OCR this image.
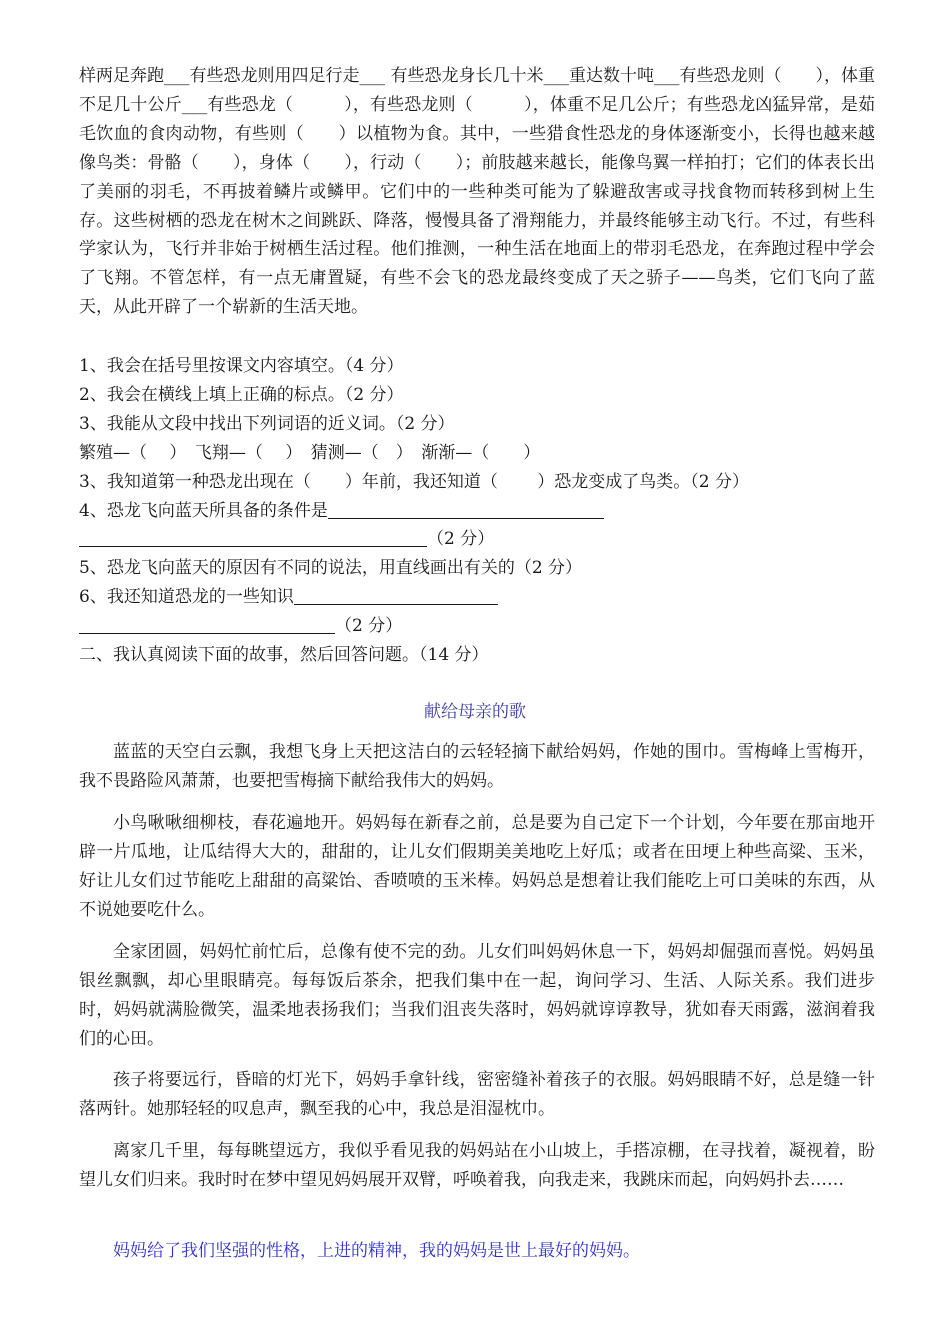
样两足奔跑___有些恐龙则用四足行走___ 有些恐龙身长几十米___重达数十吨___有些恐龙则（　　），体重不足几十公斤___有些恐龙（　　　），有些恐龙则（　　　），体重不足几公斤；有些恐龙凶猛异常，是茹毛饮血的食肉动物，有些则（　　）以植物为食。其中，一些猎食性恐龙的身体逐渐变小，长得也越来越像鸟类：骨骼（　　），身体（　　），行动（　　）；前肢越来越长，能像鸟翼一样拍打；它们的体表长出了美丽的羽毛，不再披着鳞片或鳞甲。它们中的一些种类可能为了躲避敌害或寻找食物而转移到树上生存。这些树栖的恐龙在树木之间跳跃、降落，慢慢具备了滑翔能力，并最终能够主动飞行。不过，有些科学家认为，飞行并非始于树栖生活过程。他们推测，一种生活在地面上的带羽毛恐龙，在奔跑过程中学会了飞翔。不管怎样，有一点无庸置疑，有些不会飞的恐龙最终变成了天之骄子——鸟类，它们飞向了蓝天，从此开辟了一个崭新的生活天地。

1、我会在括号里按课文内容填空。（4 分）

2、我会在横线上填上正确的标点。（2 分）

3、我能从文段中找出下列词语的近义词。（2 分）

繁殖—（　 ）　飞翔—（　 ）　猜测—（　）　渐渐—（　　）

3、我知道第一种恐龙出现在（　　）年前，我还知道（　　 ）恐龙变成了鸟类。（2 分）

4、恐龙飞向蓝天所具备的条件是

（2 分）

5、恐龙飞向蓝天的原因有不同的说法，用直线画出有关的（2 分）

6、我还知道恐龙的一些知识

（2 分）

二、我认真阅读下面的故事，然后回答问题。（14 分）

献给母亲的歌

蓝蓝的天空白云飘，我想飞身上天把这洁白的云轻轻摘下献给妈妈，作她的围巾。雪梅峰上雪梅开，我不畏路险风萧萧，也要把雪梅摘下献给我伟大的妈妈。

小鸟啾啾细柳枝，春花遍地开。妈妈每在新春之前，总是要为自己定下一个计划，今年要在那亩地开辟一片瓜地，让瓜结得大大的，甜甜的，让儿女们假期美美地吃上好瓜；或者在田埂上种些高粱、玉米，好让儿女们过节能吃上甜甜的高粱饴、香喷喷的玉米棒。妈妈总是想着让我们能吃上可口美味的东西，从不说她要吃什么。

全家团圆，妈妈忙前忙后，总像有使不完的劲。儿女们叫妈妈休息一下，妈妈却倔强而喜悦。妈妈虽银丝飘飘，却心里眼睛亮。每每饭后茶余，把我们集中在一起，询问学习、生活、人际关系。我们进步时，妈妈就满脸微笑，温柔地表扬我们；当我们沮丧失落时，妈妈就谆谆教导，犹如春天雨露，滋润着我们的心田。

孩子将要远行，昏暗的灯光下，妈妈手拿针线，密密缝补着孩子的衣服。妈妈眼睛不好，总是缝一针落两针。她那轻轻的叹息声，飘至我的心中，我总是泪湿枕巾。

离家几千里，每每眺望远方，我似乎看见我的妈妈站在小山坡上，手搭凉棚，在寻找着，凝视着，盼望儿女们归来。我时时在梦中望见妈妈展开双臂，呼唤着我，向我走来，我跳床而起，向妈妈扑去……

妈妈给了我们坚强的性格，上进的精神，我的妈妈是世上最好的妈妈。
